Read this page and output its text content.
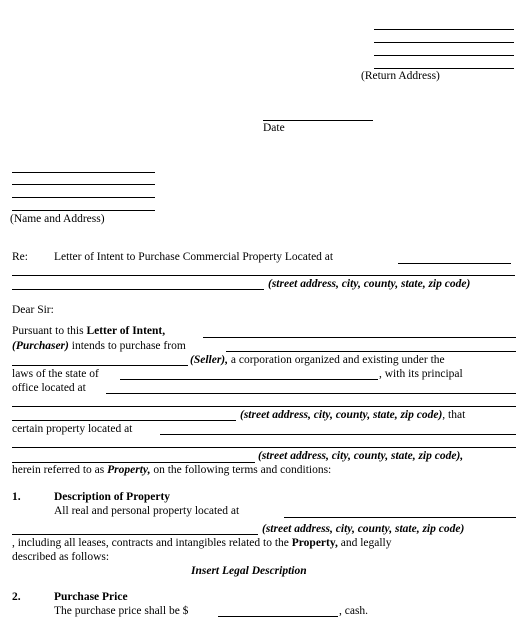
(Return Address)
Date
(Name and Address)
Re: Letter of Intent to Purchase Commercial Property Located at
(street address, city, county, state, zip code)
Dear Sir:
Pursuant to this Letter of Intent,
(Purchaser) intends to purchase from
(Seller), a corporation organized and existing under the
laws of the state of	, with its principal
office located at
(street address, city, county, state, zip code), that
certain property located at
(street address, city, county, state, zip code),
herein referred to as Property, on the following terms and conditions:
1.	Description of Property
All real and personal property located at
(street address, city, county, state, zip code)
, including all leases, contracts and intangibles related to the Property, and legally
described as follows:
Insert Legal Description
2.	Purchase Price
The purchase price shall be $	, cash.
